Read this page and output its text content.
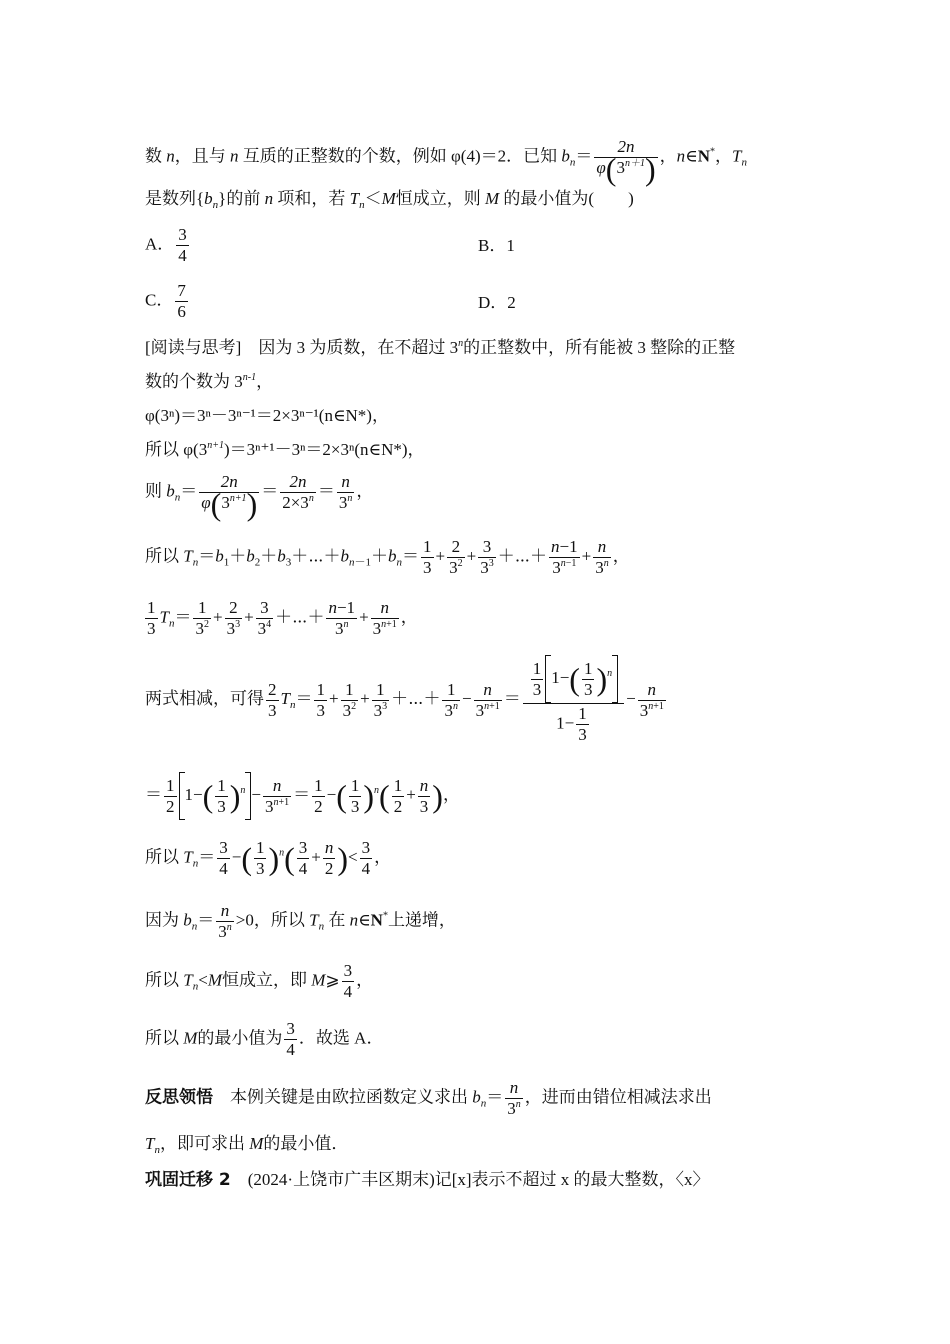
数 n，且与 n 互质的正整数的个数，例如 φ(4)＝2．已知 $b_n= \frac{2n}{\varphi(3^{n+1})}$ ，n∈N*，$T_n$
是数列$\{b_n\}$的前 n 项和，若 $T_n<M$恒成立，则 M 的最小值为(　　)
A． $\frac{3}{4}$	B．1
C． $\frac{7}{6}$	D．2
[阅读与思考]　因为 3 为质数，在不超过 3$^n$的正整数中，所有能被 3 整除的正整
数的个数为 3$^{n-1}$，
φ(3ⁿ)＝3ⁿ－3ⁿ⁻¹＝2×3ⁿ⁻¹(n∈N*)，
所以 $\varphi(3^{n+1})=3^{n+1}-3^n=2\times 3^n(n\in N*)$，
则 $b_n= \frac{2n}{\varphi(3^{n+1})} = \frac{2n}{2\times 3^n} = \frac{n}{3^n}$ ，
所以 $T_n=b_1+b_2+b_3+\cdots+b_{n-1}+b_n= \frac{1}{3} + \frac{2}{3^2} + \frac{3}{3^3}$ ＋⋯＋ $\frac{n-1}{3^{n-1}} + \frac{n}{3^n}$ ，
$\frac{1}{3} T_n= \frac{1}{3^2} + \frac{2}{3^3} + \frac{3}{3^4}$ ＋⋯＋ $\frac{n-1}{3^n} + \frac{n}{3^{n+1}}$ ，
两式相减，可得 $\frac{2}{3} T_n= \frac{1}{3} + \frac{1}{3^2} + \frac{1}{3^3}$ ＋⋯＋ $\frac{1}{3^n} - \frac{n}{3^{n+1}} = \frac{\frac{1}{3} 1-( \frac{1}{3} )^n}{1- \frac{1}{3}} - \frac{n}{3^{n+1}}$
＝ $\frac{1}{2} 1-( \frac{1}{3} )^n - \frac{n}{3^{n+1}} = \frac{1}{2}$ −( $\frac{1}{3} )^n( \frac{1}{2} + \frac{n}{3}$ )，
所以 $T_n= \frac{3}{4}$ −( $\frac{1}{3} )^n( \frac{3}{4} + \frac{n}{2}$ )< $\frac{3}{4}$ ，
因为 $b_n= \frac{n}{3^n} >0$，所以 $T_n$ 在 n∈N*上递增，
所以 $T_n<M$恒成立，即 M⩾ $\frac{3}{4}$ ，
所以 M的最小值为 $\frac{3}{4}$ ．故选 A．
反思领悟　本例关键是由欧拉函数定义求出 $b_n= \frac{n}{3^n}$ ，进而由错位相减法求出
$T_n$，即可求出 M的最小值．
巩固迁移 2　(2024·上饶市广丰区期末)记[x]表示不超过 x 的最大整数，〈x〉
